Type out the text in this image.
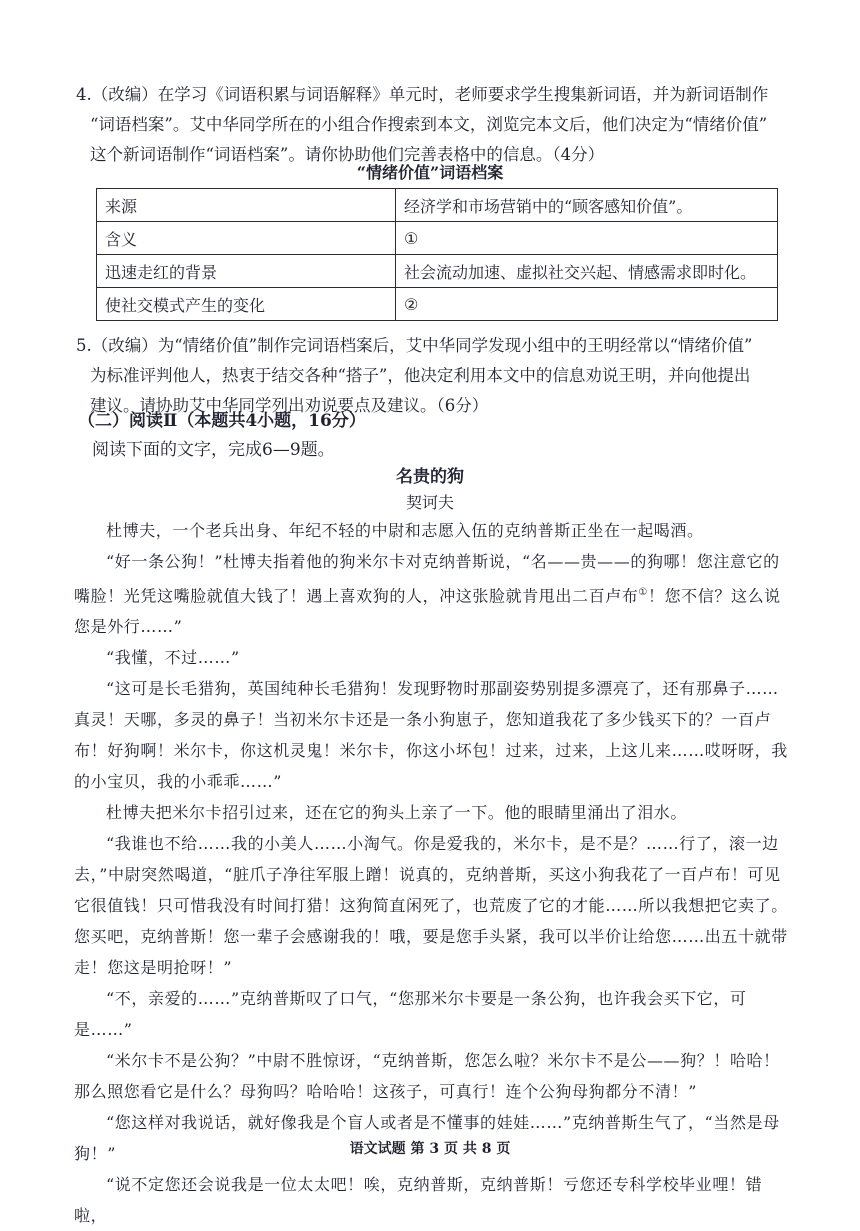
4.（改编）在学习《词语积累与词语解释》单元时，老师要求学生搜集新词语，并为新词语制作

“词语档案”。艾中华同学所在的小组合作搜索到本文，浏览完本文后，他们决定为“情绪价值”

这个新词语制作“词语档案”。请你协助他们完善表格中的信息。（4分）

“情绪价值”词语档案
来源	经济学和市场营销中的“顾客感知价值”。
含义	①
迅速走红的背景	社会流动加速、虚拟社交兴起、情感需求即时化。
使社交模式产生的变化	②

5.（改编）为“情绪价值”制作完词语档案后，艾中华同学发现小组中的王明经常以“情绪价值”

为标准评判他人，热衷于结交各种“搭子”，他决定利用本文中的信息劝说王明，并向他提出

建议。请协助艾中华同学列出劝说要点及建议。（6分）

（二）阅读Ⅱ（本题共4小题，16分）
阅读下面的文字，完成6—9题。
名贵的狗
契诃夫

杜博夫，一个老兵出身、年纪不轻的中尉和志愿入伍的克纳普斯正坐在一起喝酒。

“好一条公狗！”杜博夫指着他的狗米尔卡对克纳普斯说，“名——贵——的狗哪！您注意它的嘴脸！光凭这嘴脸就值大钱了！遇上喜欢狗的人，冲这张脸就肯甩出二百卢布①！您不信？这么说您是外行……”

“我懂，不过……”

“这可是长毛猎狗，英国纯种长毛猎狗！发现野物时那副姿势别提多漂亮了，还有那鼻子……真灵！天哪，多灵的鼻子！当初米尔卡还是一条小狗崽子，您知道我花了多少钱买下的？一百卢布！好狗啊！米尔卡，你这机灵鬼！米尔卡，你这小坏包！过来，过来，上这儿来……哎呀呀，我的小宝贝，我的小乖乖……”

杜博夫把米尔卡招引过来，还在它的狗头上亲了一下。他的眼睛里涌出了泪水。

“我谁也不给……我的小美人……小淘气。你是爱我的，米尔卡，是不是？……行了，滚一边去，”中尉突然喝道，“脏爪子净往军服上蹭！说真的，克纳普斯，买这小狗我花了一百卢布！可见它很值钱！只可惜我没有时间打猎！这狗简直闲死了，也荒废了它的才能……所以我想把它卖了。您买吧，克纳普斯！您一辈子会感谢我的！哦，要是您手头紧，我可以半价让给您……出五十就带走！您这是明抢呀！”

“不，亲爱的……”克纳普斯叹了口气，“您那米尔卡要是一条公狗，也许我会买下它，可是……”

“米尔卡不是公狗？”中尉不胜惊讶，“克纳普斯，您怎么啦？米尔卡不是公——狗？！哈哈！那么照您看它是什么？母狗吗？哈哈哈！这孩子，可真行！连个公狗母狗都分不清！”

“您这样对我说话，就好像我是个盲人或者是不懂事的娃娃……”克纳普斯生气了，“当然是母狗！”

“说不定您还会说我是一位太太吧！唉，克纳普斯，克纳普斯！亏您还专科学校毕业哩！错啦，

语文试题 第 3 页 共 8 页
